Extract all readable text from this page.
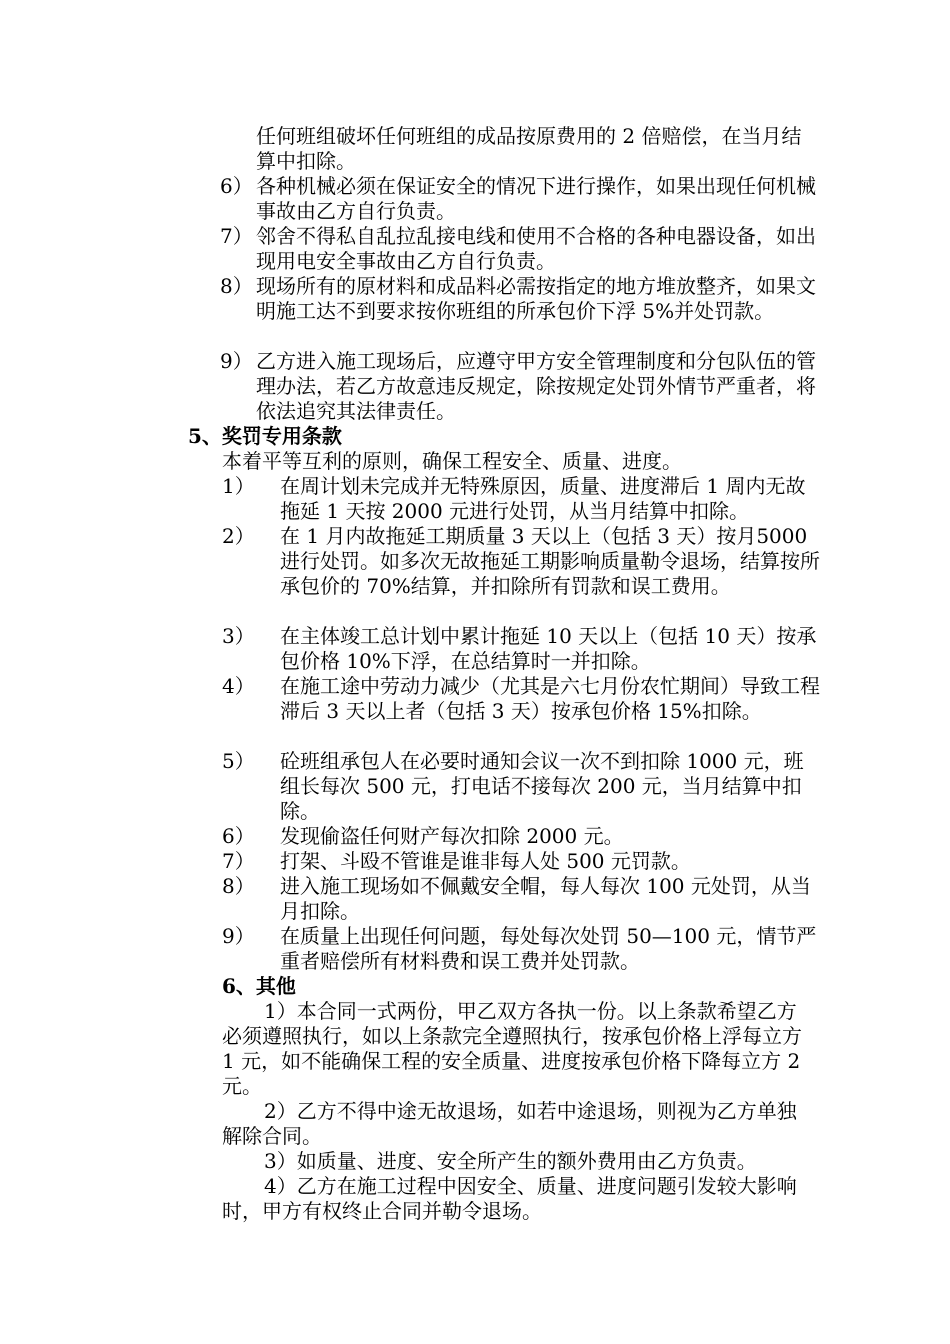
任何班组破坏任何班组的成品按原费用的 2 倍赔偿，在当月结算中扣除。
6） 各种机械必须在保证安全的情况下进行操作，如果出现任何机械事故由乙方自行负责。
7） 邻舍不得私自乱拉乱接电线和使用不合格的各种电器设备，如出现用电安全事故由乙方自行负责。
8） 现场所有的原材料和成品料必需按指定的地方堆放整齐，如果文明施工达不到要求按你班组的所承包价下浮 5%并处罚款。
9） 乙方进入施工现场后，应遵守甲方安全管理制度和分包队伍的管理办法，若乙方故意违反规定，除按规定处罚外情节严重者，将依法追究其法律责任。
5、奖罚专用条款
本着平等互利的原则，确保工程安全、质量、进度。
1）	在周计划未完成并无特殊原因，质量、进度滞后 1 周内无故拖延 1 天按 2000 元进行处罚，从当月结算中扣除。
2）	在 1 月内故拖延工期质量 3 天以上（包括 3 天）按月5000 进行处罚。如多次无故拖延工期影响质量勒令退场，结算按所承包价的 70%结算，并扣除所有罚款和误工费用。
3）	在主体竣工总计划中累计拖延 10 天以上（包括 10 天）按承包价格 10%下浮，在总结算时一并扣除。
4）	在施工途中劳动力减少（尤其是六七月份农忙期间）导致工程滞后 3 天以上者（包括 3 天）按承包价格 15%扣除。
5）	砼班组承包人在必要时通知会议一次不到扣除 1000 元，班组长每次 500 元，打电话不接每次 200 元，当月结算中扣除。
6）	发现偷盗任何财产每次扣除 2000 元。
7）	打架、斗殴不管谁是谁非每人处 500 元罚款。
8）	进入施工现场如不佩戴安全帽，每人每次 100 元处罚，从当月扣除。
9）	在质量上出现任何问题，每处每次处罚 50—100 元，情节严重者赔偿所有材料费和误工费并处罚款。
6、其他
1）本合同一式两份，甲乙双方各执一份。以上条款希望乙方必须遵照执行，如以上条款完全遵照执行，按承包价格上浮每立方 1 元，如不能确保工程的安全质量、进度按承包价格下降每立方 2 元。
2）乙方不得中途无故退场，如若中途退场，则视为乙方单独解除合同。
3）如质量、进度、安全所产生的额外费用由乙方负责。
4）乙方在施工过程中因安全、质量、进度问题引发较大影响时，甲方有权终止合同并勒令退场。
